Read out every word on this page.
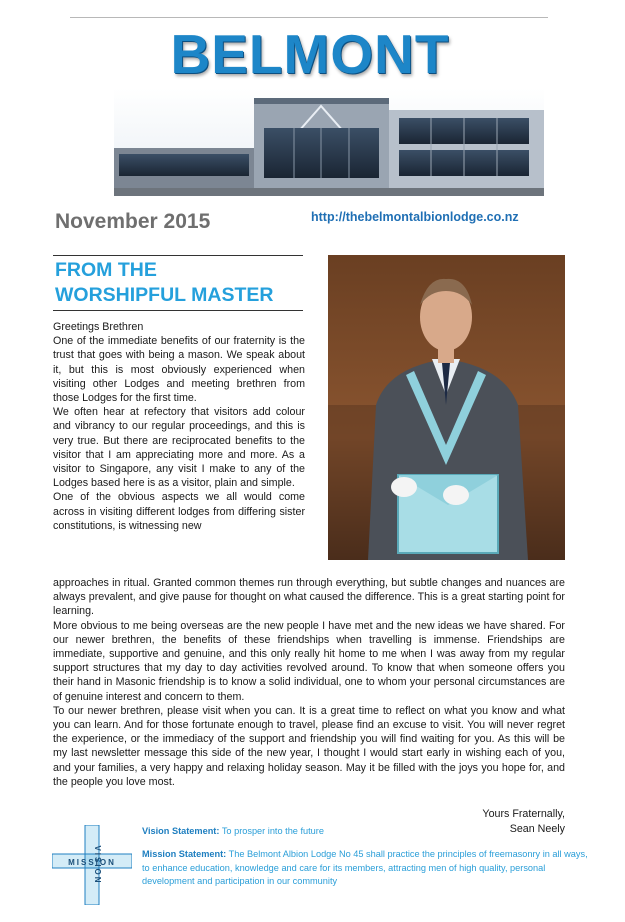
BELMONT
November 2015	http://thebelmontalbionlodge.co.nz
FROM THE
WORSHIPFUL MASTER

Greetings Brethren

One of the immediate benefits of our fraternity is the trust that goes with being a mason. We speak about it, but this is most obviously experienced when visiting other Lodges and meeting brethren from those Lodges for the first time.

We often hear at refectory that visitors add colour and vibrancy to our regular proceedings, and this is very true. But there are reciprocated benefits to the visitor that I am appreciating more and more. As a visitor to Singapore, any visit I make to any of the Lodges based here is as a visitor, plain and simple.

One of the obvious aspects we all would come across in visiting different lodges from differing sister constitutions, is witnessing new

approaches in ritual. Granted common themes run through everything, but subtle changes and nuances are always prevalent, and give pause for thought on what caused the difference. This is a great starting point for learning.

More obvious to me being overseas are the new people I have met and the new ideas we have shared. For our newer brethren, the benefits of these friendships when travelling is immense. Friendships are immediate, supportive and genuine, and this only really hit home to me when I was away from my regular support structures that my day to day activities revolved around. To know that when someone offers you their hand in Masonic friendship is to know a solid individual, one to whom your personal circumstances are of genuine interest and concern to them.

To our newer brethren, please visit when you can. It is a great time to reflect on what you know and what you can learn. And for those fortunate enough to travel, please find an excuse to visit. You will never regret the experience, or the immediacy of the support and friendship you will find waiting for you. As this will be my last newsletter message this side of the new year, I thought I would start early in wishing each of you, and your families, a very happy and relaxing holiday season. May it be filled with the joys you hope for, and the people you love most.

Yours Fraternally,
Sean Neely
MISSION
VISION
Vision Statement: To prosper into the future
Mission Statement: The Belmont Albion Lodge No 45 shall practice the principles of freemasonry in all ways, to enhance education, knowledge and care for its members, attracting men of high quality, personal development and participation in our community
